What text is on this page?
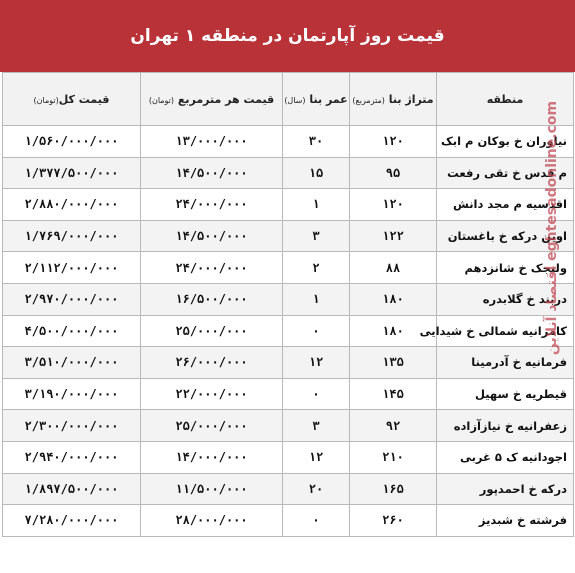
قیمت روز آپارتمان در منطقه ۱ تهران
منطقه	متراژ بنا (مترمربع)	عمر بنا (سال)	قیمت هر مترمربع (تومان)	قیمت کل(تومان)
نیاوران خ بوکان م ابک	۱۲۰	۳۰	۱۳/۰۰۰/۰۰۰	۱/۵۶۰/۰۰۰/۰۰۰
م قدس خ تقی رفعت	۹۵	۱۵	۱۴/۵۰۰/۰۰۰	۱/۳۷۷/۵۰۰/۰۰۰
اقدسیه م مجد دانش	۱۲۰	۱	۲۴/۰۰۰/۰۰۰	۲/۸۸۰/۰۰۰/۰۰۰
اوین درکه خ باغستان	۱۲۲	۳	۱۴/۵۰۰/۰۰۰	۱/۷۶۹/۰۰۰/۰۰۰
ولنجک خ شانزدهم	۸۸	۲	۲۴/۰۰۰/۰۰۰	۲/۱۱۲/۰۰۰/۰۰۰
دربند خ گلابدره	۱۸۰	۱	۱۶/۵۰۰/۰۰۰	۲/۹۷۰/۰۰۰/۰۰۰
کامرانیه شمالی خ شیدایی	۱۸۰	۰	۲۵/۰۰۰/۰۰۰	۴/۵۰۰/۰۰۰/۰۰۰
فرمانیه خ آدرمینا	۱۳۵	۱۲	۲۶/۰۰۰/۰۰۰	۳/۵۱۰/۰۰۰/۰۰۰
قیطریه خ سهیل	۱۴۵	۰	۲۲/۰۰۰/۰۰۰	۳/۱۹۰/۰۰۰/۰۰۰
زعفرانیه خ نیازآزاده	۹۲	۳	۲۵/۰۰۰/۰۰۰	۲/۳۰۰/۰۰۰/۰۰۰
اجودانیه ک ۵ غربی	۲۱۰	۱۲	۱۴/۰۰۰/۰۰۰	۲/۹۴۰/۰۰۰/۰۰۰
درکه خ احمدپور	۱۶۵	۲۰	۱۱/۵۰۰/۰۰۰	۱/۸۹۷/۵۰۰/۰۰۰
فرشته خ شبدیز	۲۶۰	۰	۲۸/۰۰۰/۰۰۰	۷/۲۸۰/۰۰۰/۰۰۰
اقتصاد آنلاین eghtesadonline.com
